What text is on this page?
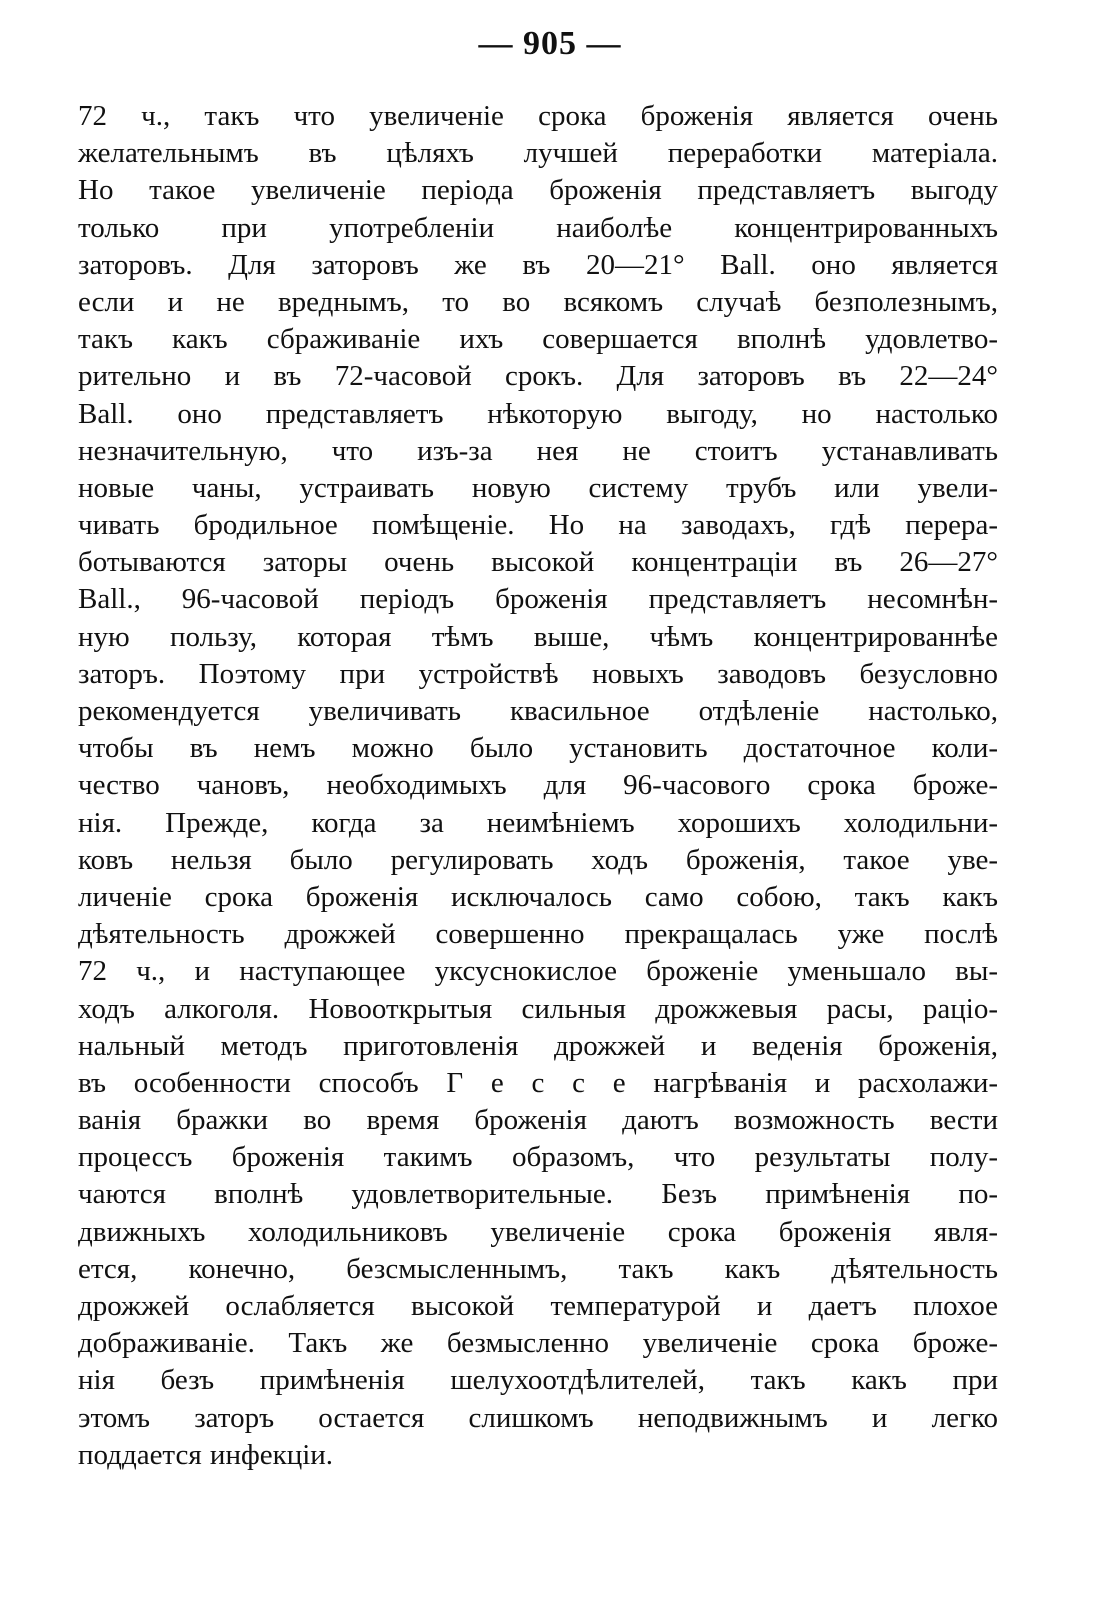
— 905 —
72 ч., такъ что увеличенiе срока броженiя является очень
желательнымъ въ цѣляхъ лучшей переработки матерiала.
Но такое увеличенiе перiода броженiя представляетъ выгоду
только при употребленiи наиболѣе концентрированныхъ
заторовъ. Для заторовъ же въ 20—21° Ball. оно является
если и не вреднымъ, то во всякомъ случаѣ безполезнымъ,
такъ какъ сбраживанiе ихъ совершается вполнѣ удовлетво-
рительно и въ 72-часовой срокъ. Для заторовъ въ 22—24°
Ball. оно представляетъ нѣкоторую выгоду, но настолько
незначительную, что изъ-за нея не стоитъ устанавливать
новые чаны, устраивать новую систему трубъ или увели-
чивать бродильное помѣщенiе. Но на заводахъ, гдѣ перера-
ботываются заторы очень высокой концентрацiи въ 26—27°
Ball., 96-часовой перiодъ броженiя представляетъ несомнѣн-
ную пользу, которая тѣмъ выше, чѣмъ концентрированнѣе
заторъ. Поэтому при устройствѣ новыхъ заводовъ безусловно
рекомендуется увеличивать квасильное отдѣленiе настолько,
чтобы въ немъ можно было установить достаточное коли-
чество чановъ, необходимыхъ для 96-часового срока броже-
нiя. Прежде, когда за неимѣнiемъ хорошихъ холодильни-
ковъ нельзя было регулировать ходъ броженiя, такое уве-
личенiе срока броженiя исключалось само собою, такъ какъ
дѣятельность дрожжей совершенно прекращалась уже послѣ
72 ч., и наступающее уксуснокислое броженiе уменьшало вы-
ходъ алкоголя. Новооткрытыя сильныя дрожжевыя расы, рацiо-
нальный методъ приготовленiя дрожжей и веденiя броженiя,
въ особенности способъ Г е с с е нагрѣванiя и расхолажи-
ванiя бражки во время броженiя даютъ возможность вести
процессъ броженiя такимъ образомъ, что результаты полу-
чаются вполнѣ удовлетворительные. Безъ примѣненiя по-
движныхъ холодильниковъ увеличенiе срока броженiя явля-
ется, конечно, безсмысленнымъ, такъ какъ дѣятельность
дрожжей ослабляется высокой температурой и даетъ плохое
дображиванiе. Такъ же безмысленно увеличенiе срока броже-
нiя безъ примѣненiя шелухоотдѣлителей, такъ какъ при
этомъ заторъ остается слишкомъ неподвижнымъ и легко
поддается инфекцiи.
